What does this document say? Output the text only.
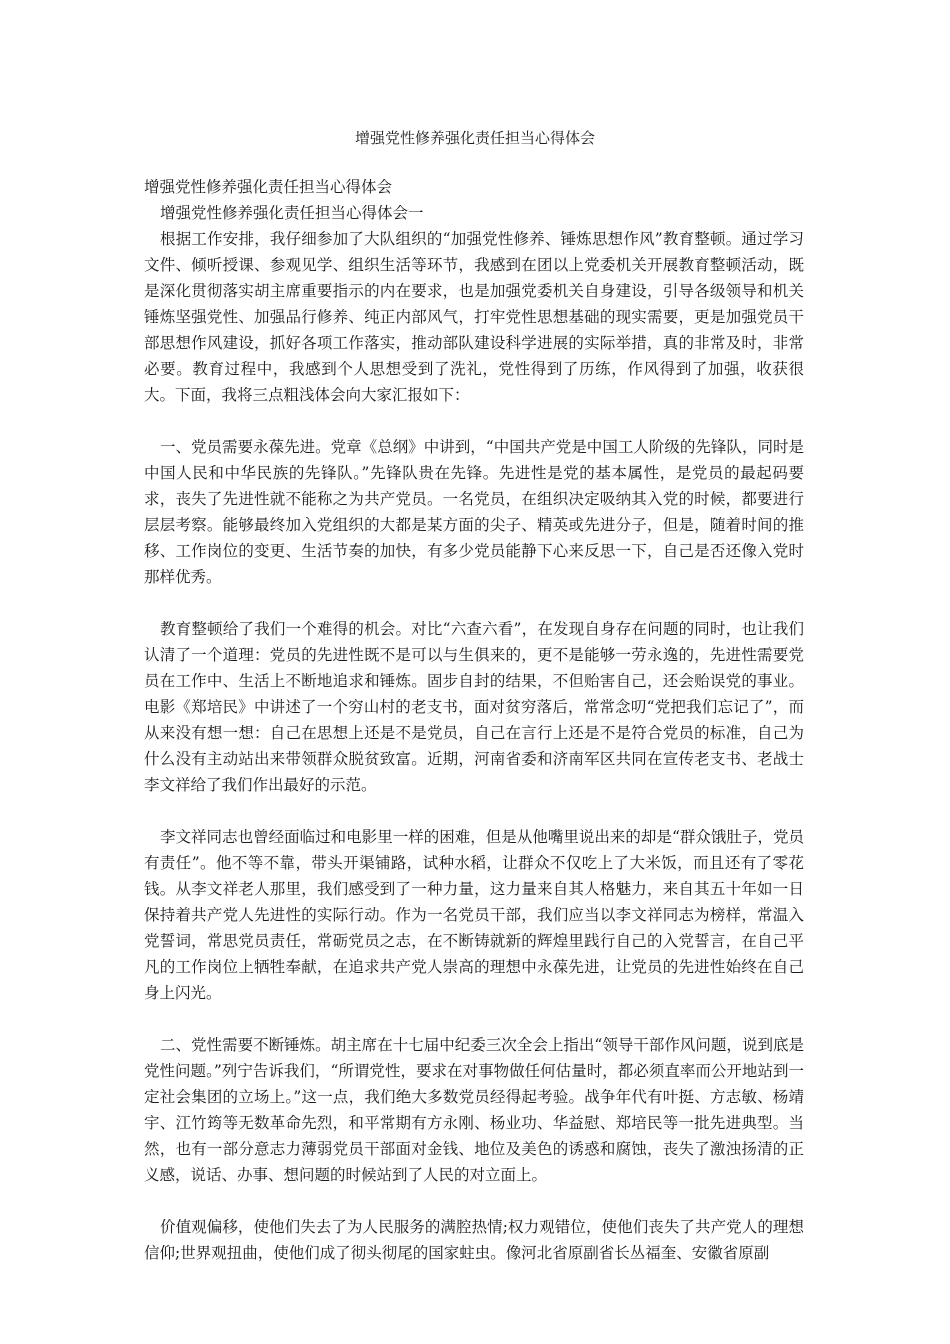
增强党性修养强化责任担当心得体会

增强党性修养强化责任担当心得体会

增强党性修养强化责任担当心得体会一

根据工作安排，我仔细参加了大队组织的“加强党性修养、锤炼思想作风”教育整顿。通过学习文件、倾听授课、参观见学、组织生活等环节，我感到在团以上党委机关开展教育整顿活动，既是深化贯彻落实胡主席重要指示的内在要求，也是加强党委机关自身建设，引导各级领导和机关锤炼坚强党性、加强品行修养、纯正内部风气，打牢党性思想基础的现实需要，更是加强党员干部思想作风建设，抓好各项工作落实，推动部队建设科学进展的实际举措，真的非常及时，非常必要。教育过程中，我感到个人思想受到了洗礼，党性得到了历练，作风得到了加强，收获很大。下面，我将三点粗浅体会向大家汇报如下：

一、党员需要永葆先进。党章《总纲》中讲到，“中国共产党是中国工人阶级的先锋队，同时是中国人民和中华民族的先锋队。”先锋队贵在先锋。先进性是党的基本属性，是党员的最起码要求，丧失了先进性就不能称之为共产党员。一名党员，在组织决定吸纳其入党的时候，都要进行层层考察。能够最终加入党组织的大都是某方面的尖子、精英或先进分子，但是，随着时间的推移、工作岗位的变更、生活节奏的加快，有多少党员能静下心来反思一下，自己是否还像入党时那样优秀。

教育整顿给了我们一个难得的机会。对比“六查六看”，在发现自身存在问题的同时，也让我们认清了一个道理：党员的先进性既不是可以与生俱来的，更不是能够一劳永逸的，先进性需要党员在工作中、生活上不断地追求和锤炼。固步自封的结果，不但贻害自己，还会贻误党的事业。电影《郑培民》中讲述了一个穷山村的老支书，面对贫穷落后，常常念叨“党把我们忘记了”，而从来没有想一想：自己在思想上还是不是党员，自己在言行上还是不是符合党员的标准，自己为什么没有主动站出来带领群众脱贫致富。近期，河南省委和济南军区共同在宣传老支书、老战士李文祥给了我们作出最好的示范。

李文祥同志也曾经面临过和电影里一样的困难，但是从他嘴里说出来的却是“群众饿肚子，党员有责任”。他不等不靠，带头开渠铺路，试种水稻，让群众不仅吃上了大米饭，而且还有了零花钱。从李文祥老人那里，我们感受到了一种力量，这力量来自其人格魅力，来自其五十年如一日保持着共产党人先进性的实际行动。作为一名党员干部，我们应当以李文祥同志为榜样，常温入党誓词，常思党员责任，常砺党员之志，在不断铸就新的辉煌里践行自己的入党誓言，在自己平凡的工作岗位上牺牲奉献，在追求共产党人崇高的理想中永葆先进，让党员的先进性始终在自己身上闪光。

二、党性需要不断锤炼。胡主席在十七届中纪委三次全会上指出“领导干部作风问题，说到底是党性问题。”列宁告诉我们，“所谓党性，要求在对事物做任何估量时，都必须直率而公开地站到一定社会集团的立场上。”这一点，我们绝大多数党员经得起考验。战争年代有叶挺、方志敏、杨靖宇、江竹筠等无数革命先烈，和平常期有方永刚、杨业功、华益慰、郑培民等一批先进典型。当然，也有一部分意志力薄弱党员干部面对金钱、地位及美色的诱惑和腐蚀，丧失了激浊扬清的正义感，说话、办事、想问题的时候站到了人民的对立面上。

价值观偏移，使他们失去了为人民服务的满腔热情;权力观错位，使他们丧失了共产党人的理想信仰;世界观扭曲，使他们成了彻头彻尾的国家蛀虫。像河北省原副省长丛福奎、安徽省原副
